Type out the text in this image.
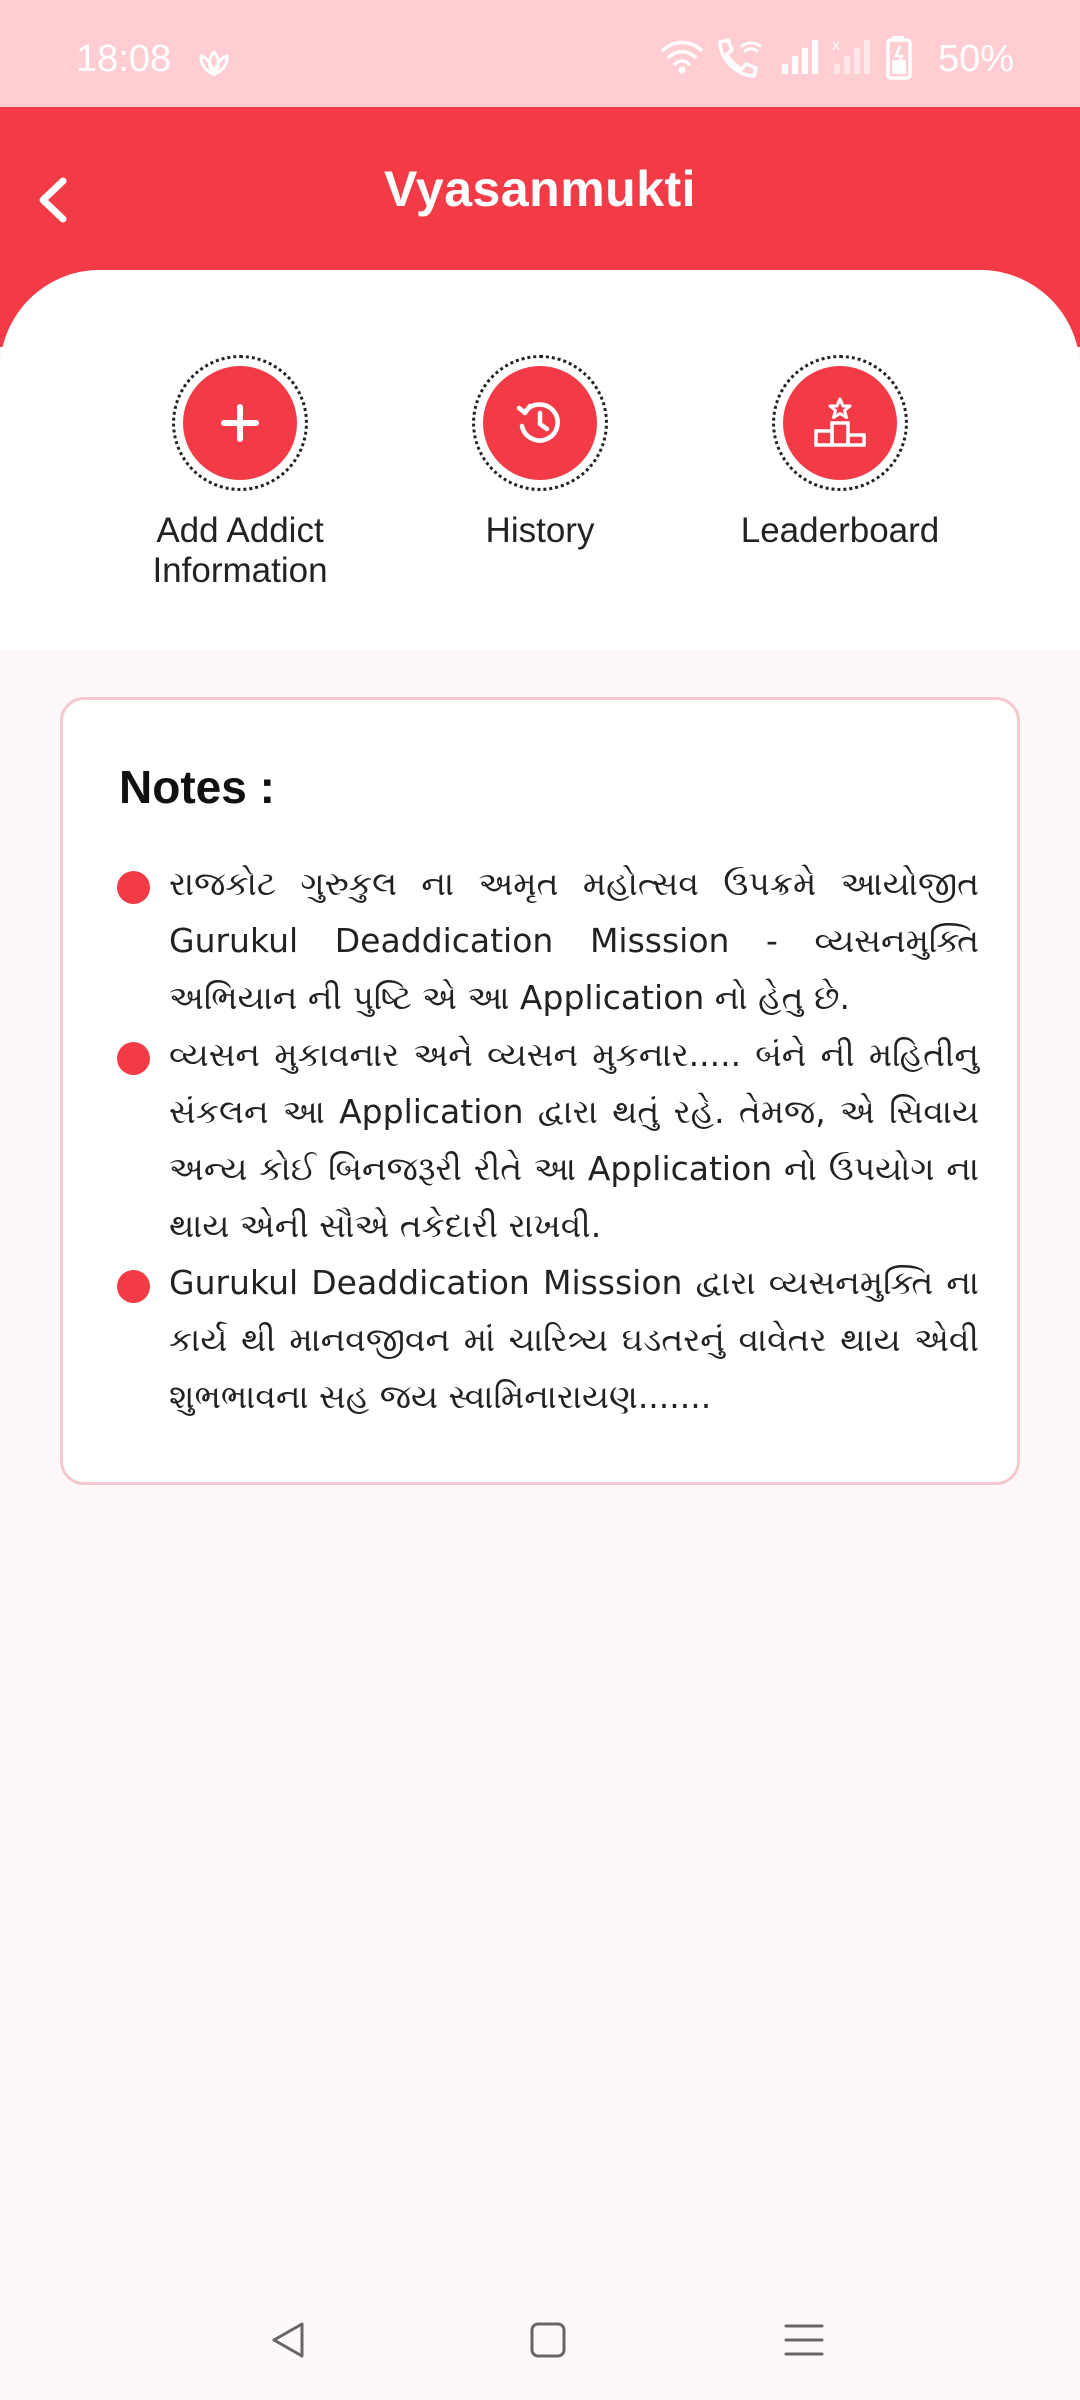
18:08	x	50%
Vyasanmukti
Add Addict Information
History	Leaderboard
Notes :
રાજકોટ ગુરુકુલ ના અમૃત મહોત્સવ ઉપક્રમે આયોજીત Gurukul Deaddication Misssion - વ્યસનમુક્તિ અભિયાન ની પુષ્ટિ એ આ Application નો હેતુ છે.
વ્યસન મુકાવનાર અને વ્યસન મુકનાર..... બંને ની મહિતીનુ સંકલન આ Application દ્વારા થતું રહે. તેમજ, એ સિવાય અન્ય કોઈ બિનજરૂરી રીતે આ Application નો ઉપયોગ ના થાય એની સૌએ તકેદારી રાખવી.
Gurukul Deaddication Misssion દ્વારા વ્યસનમુક્તિ ના કાર્ય થી માનવજીવન માં ચારિત્ર્ય ઘડતરનું વાવેતર થાય એવી શુભભાવના સહ જય સ્વામિનારાયણ.......
